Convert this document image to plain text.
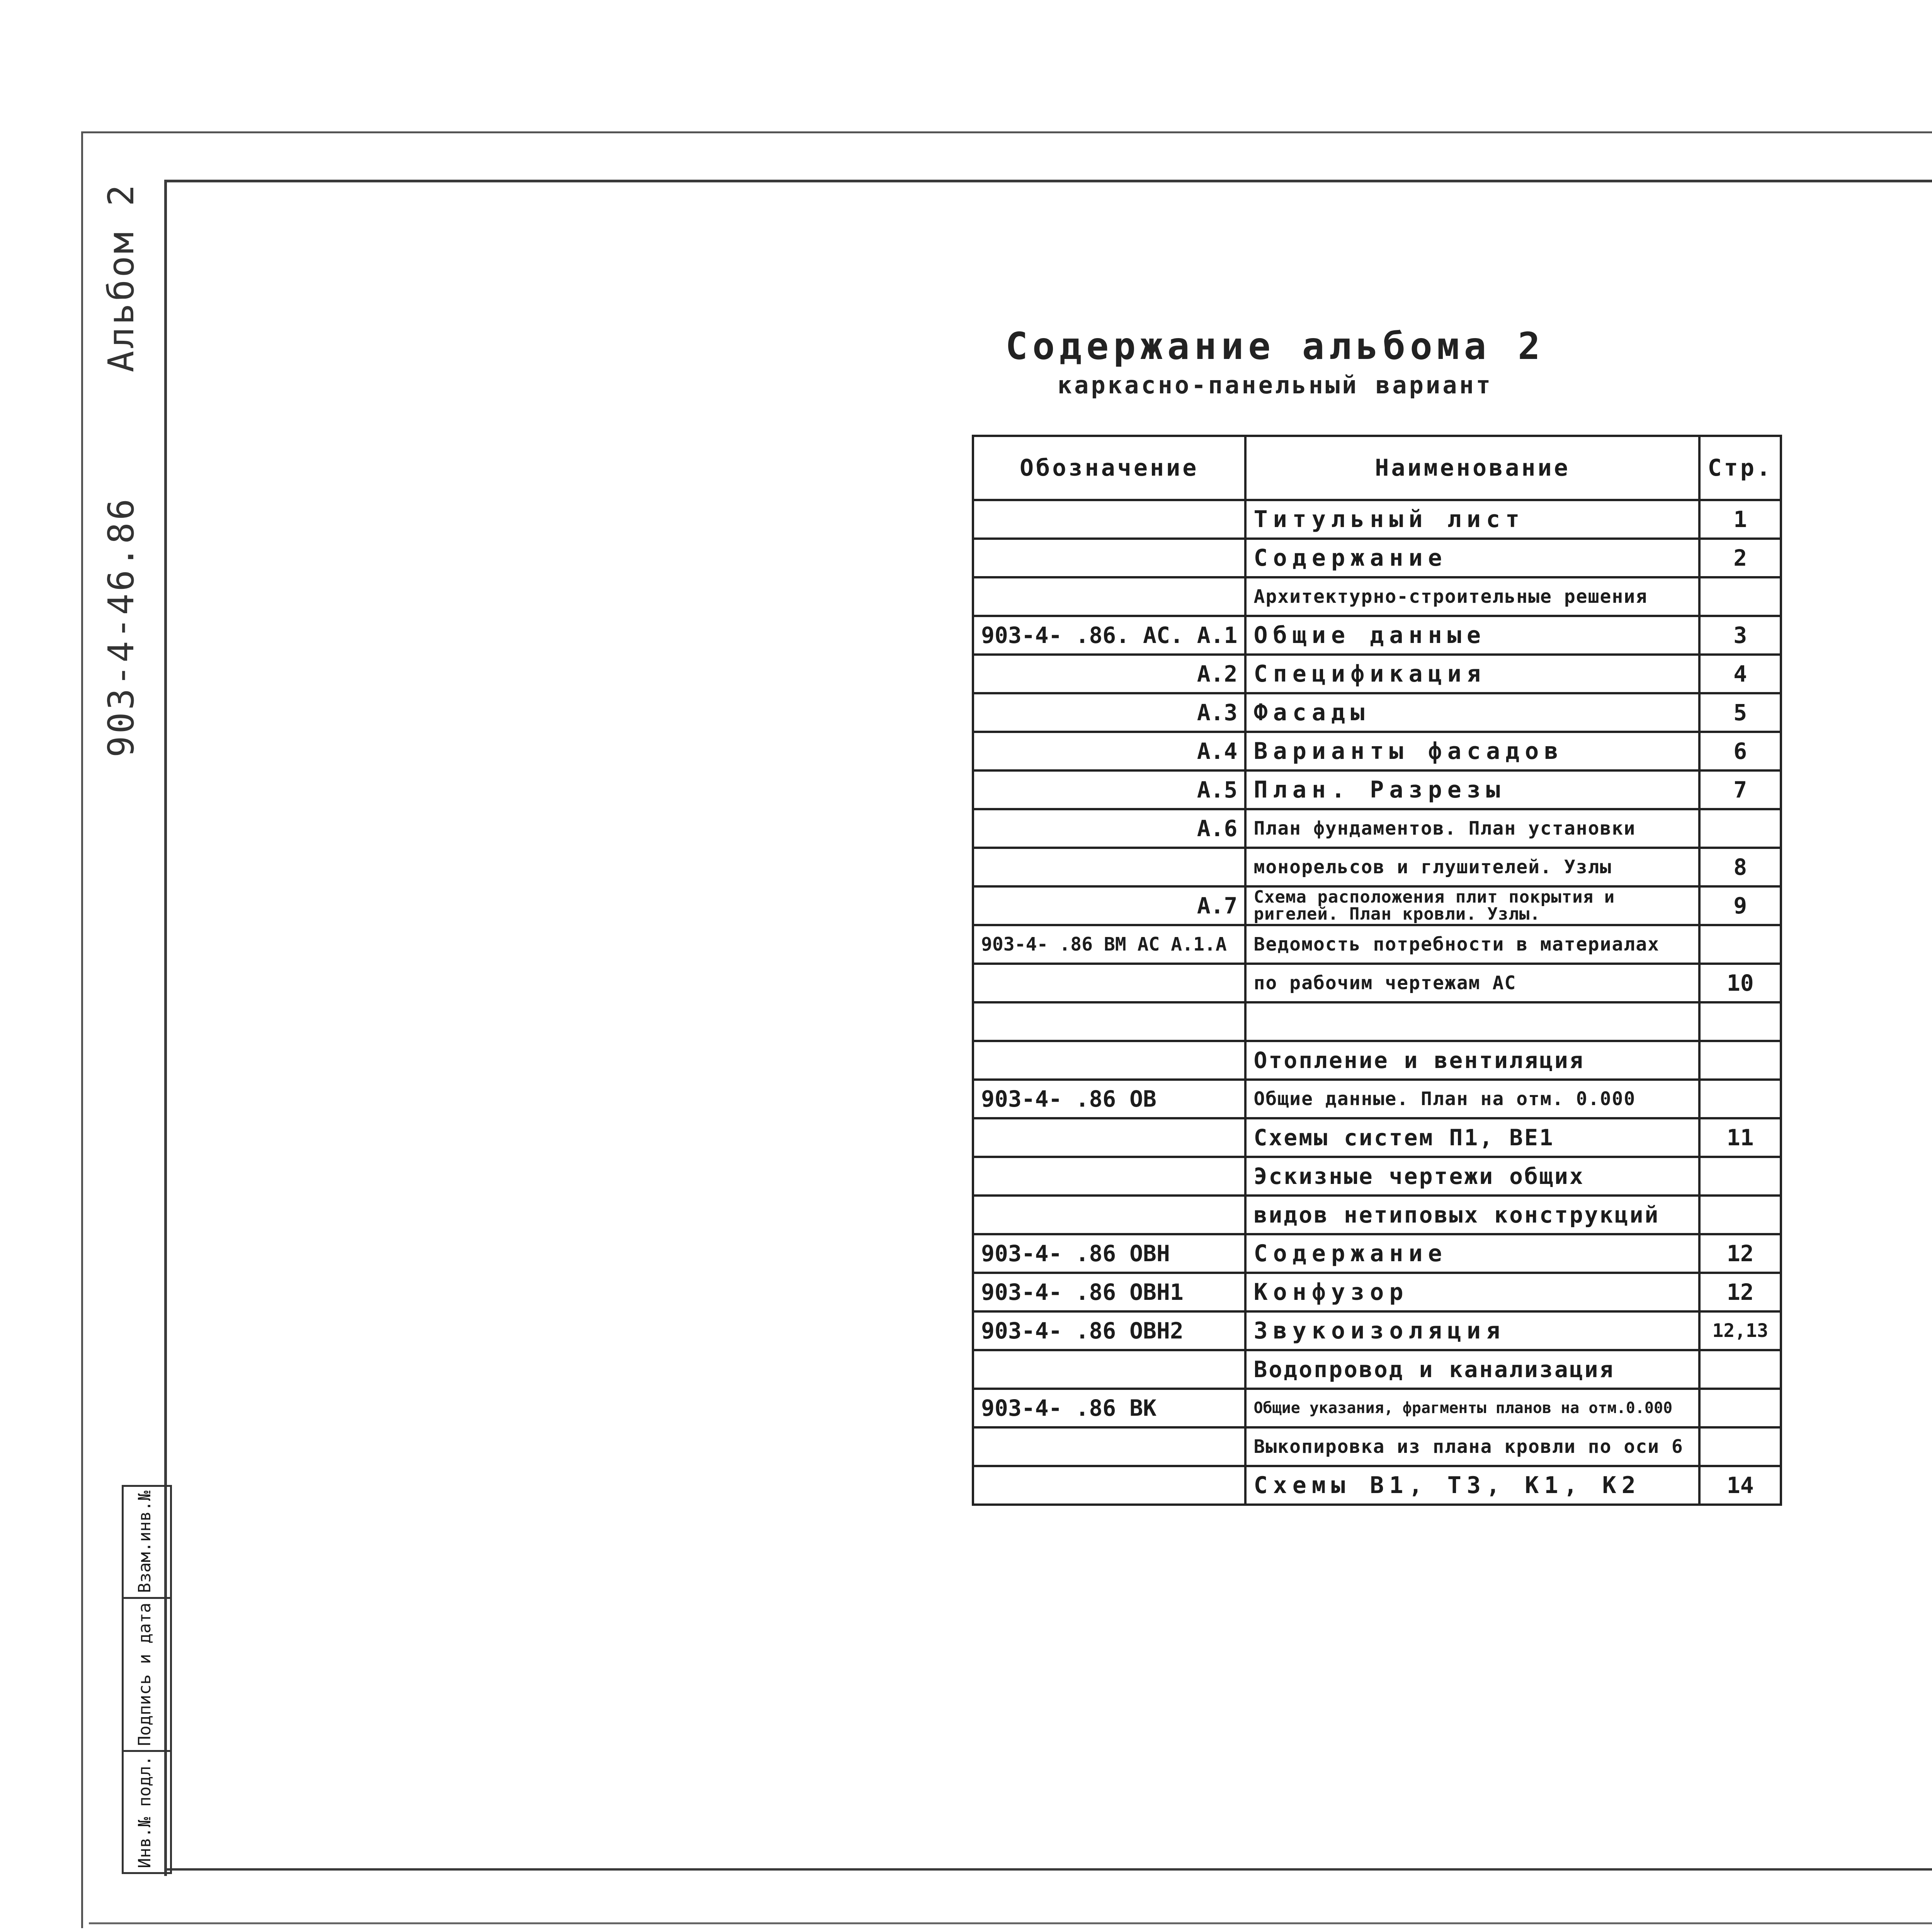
903-4-46.86 Альбом 2
Инв.№ подл.
Подпись и дата
Взам.инв.№
Содержание альбома 2
каркасно-панельный вариант
Обозначение	Наименование	Стр.
	Титульный лист	1
	Содержание	2
	Архитектурно-строительные решения	
903-4- .86. АС. А.1	Общие данные	3
А.2	Спецификация	4
А.3	Фасады	5
А.4	Варианты фасадов	6
А.5	План. Разрезы	7
А.6	План фундаментов. План установки	
	монорельсов и глушителей. Узлы	8
А.7	Схема расположения плит покрытия и ригелей. План кровли. Узлы.	9
903-4- .86 ВМ АС А.1.А	Ведомость потребности в материалах	
	по рабочим чертежам АС	10

	Отопление и вентиляция	
903-4- .86 ОВ	Общие данные. План на отм. 0.000	
	Схемы систем П1, ВЕ1	11
	Эскизные чертежи общих	
	видов нетиповых конструкций	
903-4- .86 ОВН	Содержание	12
903-4- .86 ОВН1	Конфузор	12
903-4- .86 ОВН2	Звукоизоляция	12,13
	Водопровод и канализация	
903-4- .86 ВК	Общие указания, фрагменты планов на отм.0.000	
	Выкопировка из плана кровли по оси 6	
	Схемы В1, Т3, К1, К2	14
